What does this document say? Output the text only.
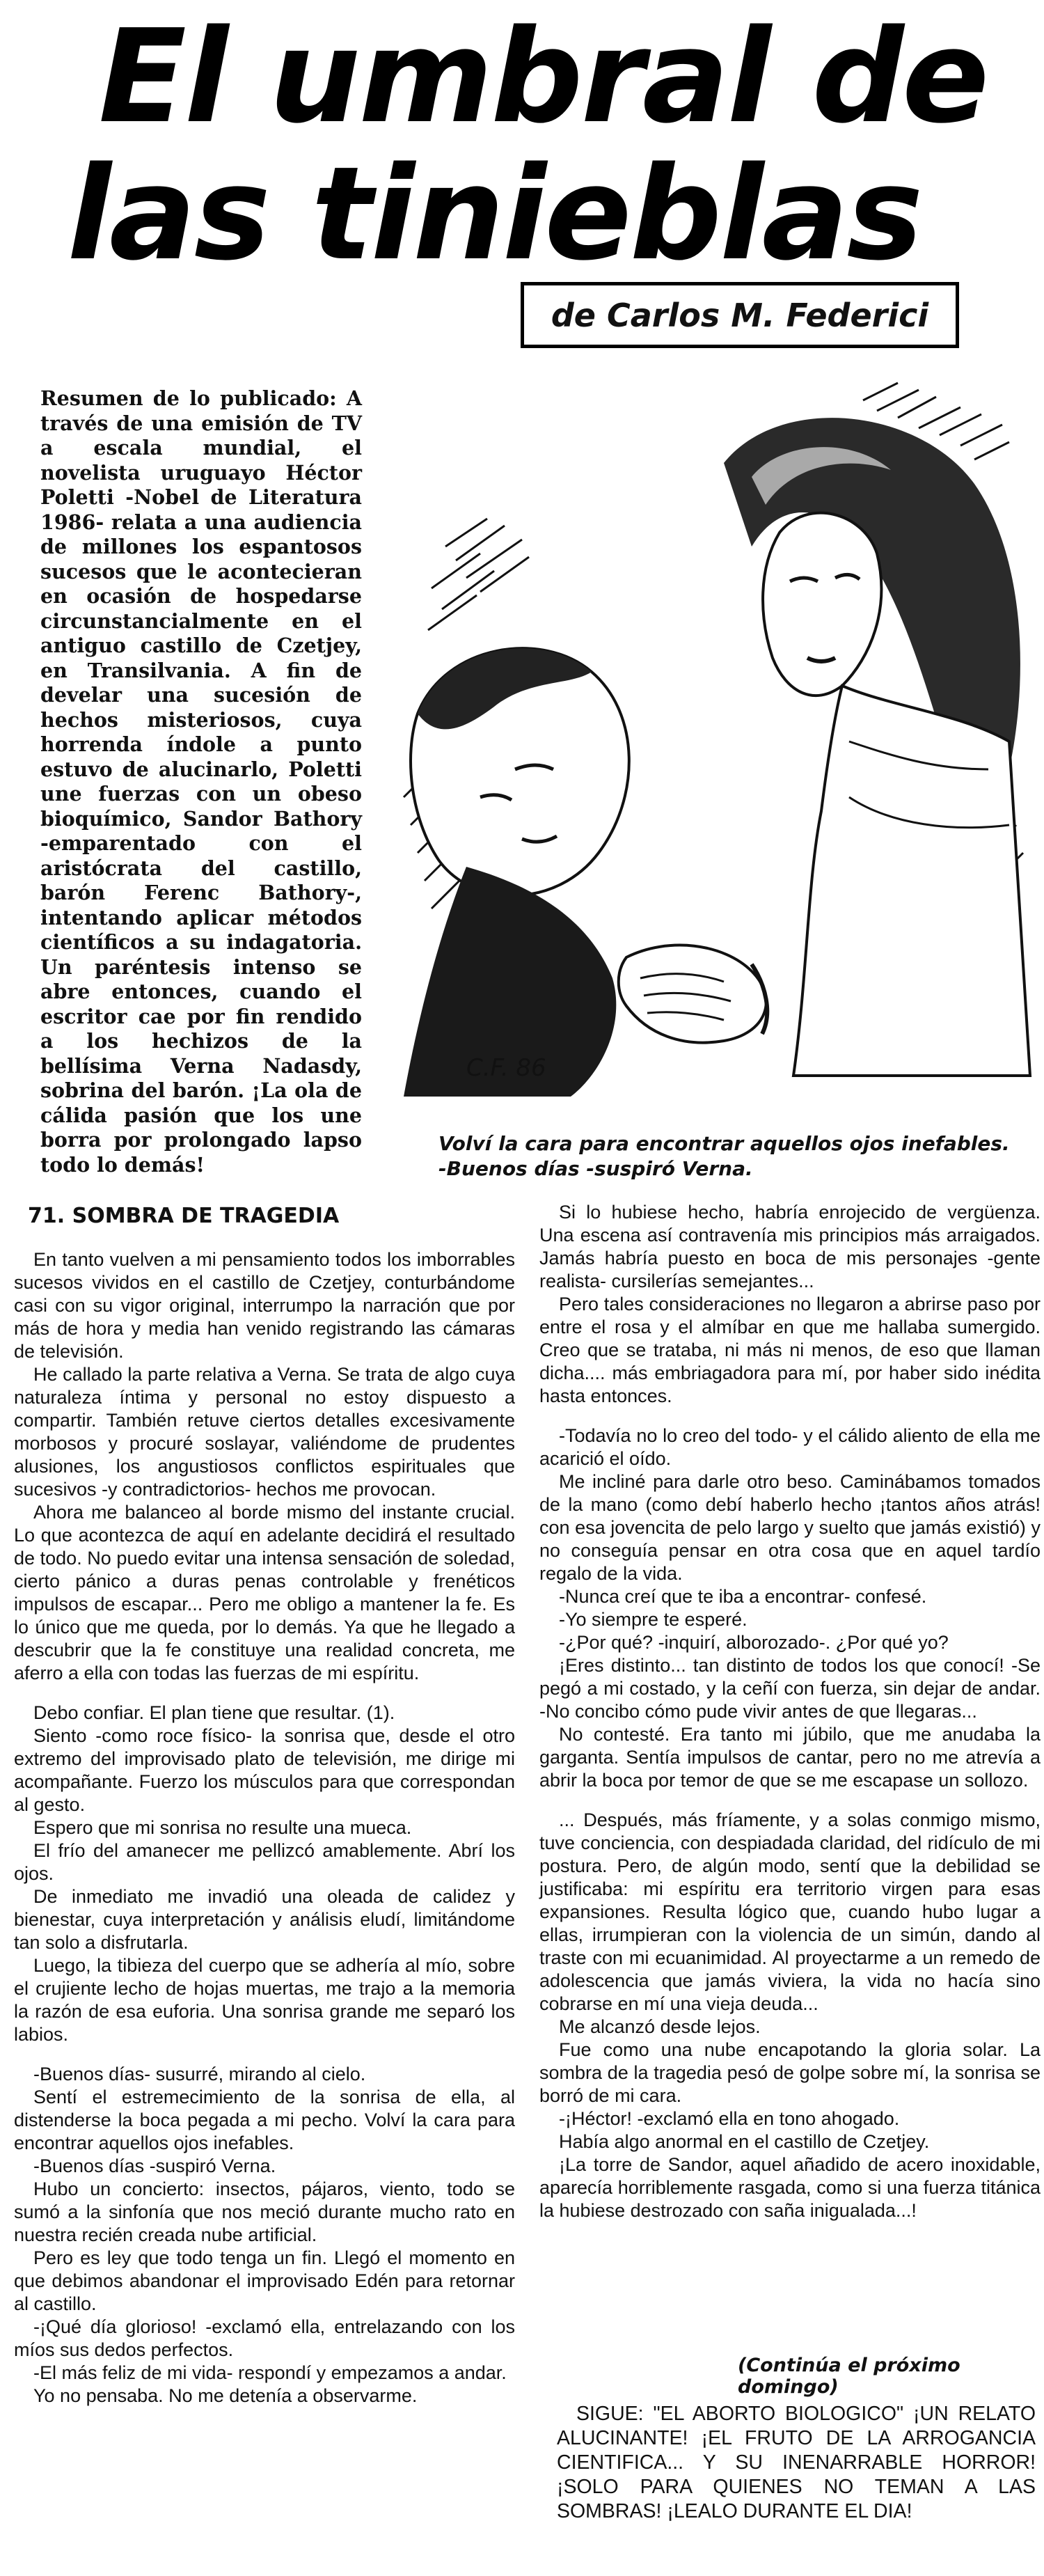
El umbral de
las tinieblas
de Carlos M. Federici
Resumen de lo publicado: A través de una emisión de TV a escala mundial, el novelista uruguayo Héctor Poletti -Nobel de Literatura 1986- relata a una audiencia de millones los espantosos sucesos que le acontecieran en ocasión de hospedarse circunstancialmente en el antiguo castillo de Czetjey, en Transilvania. A fin de develar una sucesión de hechos misteriosos, cuya horrenda índole a punto estuvo de alucinarlo, Poletti une fuerzas con un obeso bioquímico, Sandor Bathory -emparentado con el aristócrata del castillo, barón Ferenc Bathory-, intentando aplicar métodos científicos a su indagatoria. Un paréntesis intenso se abre entonces, cuando el escritor cae por fin rendido a los hechizos de la bellísima Verna Nadasdy, sobrina del barón. ¡La ola de cálida pasión que los une borra por prolongado lapso todo lo demás!
C.F. 86
Volví la cara para encontrar aquellos ojos inefables.
-Buenos días -suspiró Verna.

71. SOMBRA DE TRAGEDIA

En tanto vuelven a mi pensamiento todos los imborrables sucesos vividos en el castillo de Czetjey, conturbándome casi con su vigor original, interrumpo la narración que por más de hora y media han venido registrando las cámaras de televisión.

He callado la parte relativa a Verna. Se trata de algo cuya naturaleza íntima y personal no estoy dispuesto a compartir. También retuve ciertos detalles excesivamente morbosos y procuré soslayar, valiéndome de prudentes alusiones, los angustiosos conflictos espirituales que sucesivos -y contradictorios- hechos me provocan.

Ahora me balanceo al borde mismo del instante crucial. Lo que acontezca de aquí en adelante decidirá el resultado de todo. No puedo evitar una intensa sensación de soledad, cierto pánico a duras penas controlable y frenéticos impulsos de escapar... Pero me obligo a mantener la fe. Es lo único que me queda, por lo demás. Ya que he llegado a descubrir que la fe constituye una realidad concreta, me aferro a ella con todas las fuerzas de mi espíritu.

Debo confiar. El plan tiene que resultar. (1).

Siento -como roce físico- la sonrisa que, desde el otro extremo del improvisado plato de televisión, me dirige mi acompañante. Fuerzo los músculos para que correspondan al gesto.

Espero que mi sonrisa no resulte una mueca.

El frío del amanecer me pellizcó amablemente. Abrí los ojos.

De inmediato me invadió una oleada de calidez y bienestar, cuya interpretación y análisis eludí, limitándome tan solo a disfrutarla.

Luego, la tibieza del cuerpo que se adhería al mío, sobre el crujiente lecho de hojas muertas, me trajo a la memoria la razón de esa euforia. Una sonrisa grande me separó los labios.

-Buenos días- susurré, mirando al cielo.

Sentí el estremecimiento de la sonrisa de ella, al distenderse la boca pegada a mi pecho. Volví la cara para encontrar aquellos ojos inefables.

-Buenos días -suspiró Verna.

Hubo un concierto: insectos, pájaros, viento, todo se sumó a la sinfonía que nos meció durante mucho rato en nuestra recién creada nube artificial.

Pero es ley que todo tenga un fin. Llegó el momento en que debimos abandonar el improvisado Edén para retornar al castillo.

-¡Qué día glorioso! -exclamó ella, entrelazando con los míos sus dedos perfectos.

-El más feliz de mi vida- respondí y empezamos a andar.

Yo no pensaba. No me detenía a observarme.

Si lo hubiese hecho, habría enrojecido de vergüenza. Una escena así contravenía mis principios más arraigados. Jamás habría puesto en boca de mis personajes -gente realista- cursilerías semejantes...

Pero tales consideraciones no llegaron a abrirse paso por entre el rosa y el almíbar en que me hallaba sumergido. Creo que se trataba, ni más ni menos, de eso que llaman dicha.... más embriagadora para mí, por haber sido inédita hasta entonces.

-Todavía no lo creo del todo- y el cálido aliento de ella me acarició el oído.

Me incliné para darle otro beso. Caminábamos tomados de la mano (como debí haberlo hecho ¡tantos años atrás! con esa jovencita de pelo largo y suelto que jamás existió) y no conseguía pensar en otra cosa que en aquel tardío regalo de la vida.

-Nunca creí que te iba a encontrar- confesé.

-Yo siempre te esperé.

-¿Por qué? -inquirí, alborozado-. ¿Por qué yo?

¡Eres distinto... tan distinto de todos los que conocí! -Se pegó a mi costado, y la ceñí con fuerza, sin dejar de andar. -No concibo cómo pude vivir antes de que llegaras...

No contesté. Era tanto mi júbilo, que me anudaba la garganta. Sentía impulsos de cantar, pero no me atrevía a abrir la boca por temor de que se me escapase un sollozo.

... Después, más fríamente, y a solas conmigo mismo, tuve conciencia, con despiadada claridad, del ridículo de mi postura. Pero, de algún modo, sentí que la debilidad se justificaba: mi espíritu era territorio virgen para esas expansiones. Resulta lógico que, cuando hubo lugar a ellas, irrumpieran con la violencia de un simún, dando al traste con mi ecuanimidad. Al proyectarme a un remedo de adolescencia que jamás viviera, la vida no hacía sino cobrarse en mí una vieja deuda...

Me alcanzó desde lejos.

Fue como una nube encapotando la gloria solar. La sombra de la tragedia pesó de golpe sobre mí, la sonrisa se borró de mi cara.

-¡Héctor! -exclamó ella en tono ahogado.

Había algo anormal en el castillo de Czetjey.

¡La torre de Sandor, aquel añadido de acero inoxidable, aparecía horriblemente rasgada, como si una fuerza titánica la hubiese destrozado con saña inigualada...!

(Continúa el próximo domingo)
SIGUE: "EL ABORTO BIOLOGICO" ¡UN RELATO ALUCINANTE! ¡EL FRUTO DE LA ARROGANCIA CIENTIFICA... Y SU INENARRABLE HORROR! ¡SOLO PARA QUIENES NO TEMAN A LAS SOMBRAS! ¡LEALO DURANTE EL DIA!
